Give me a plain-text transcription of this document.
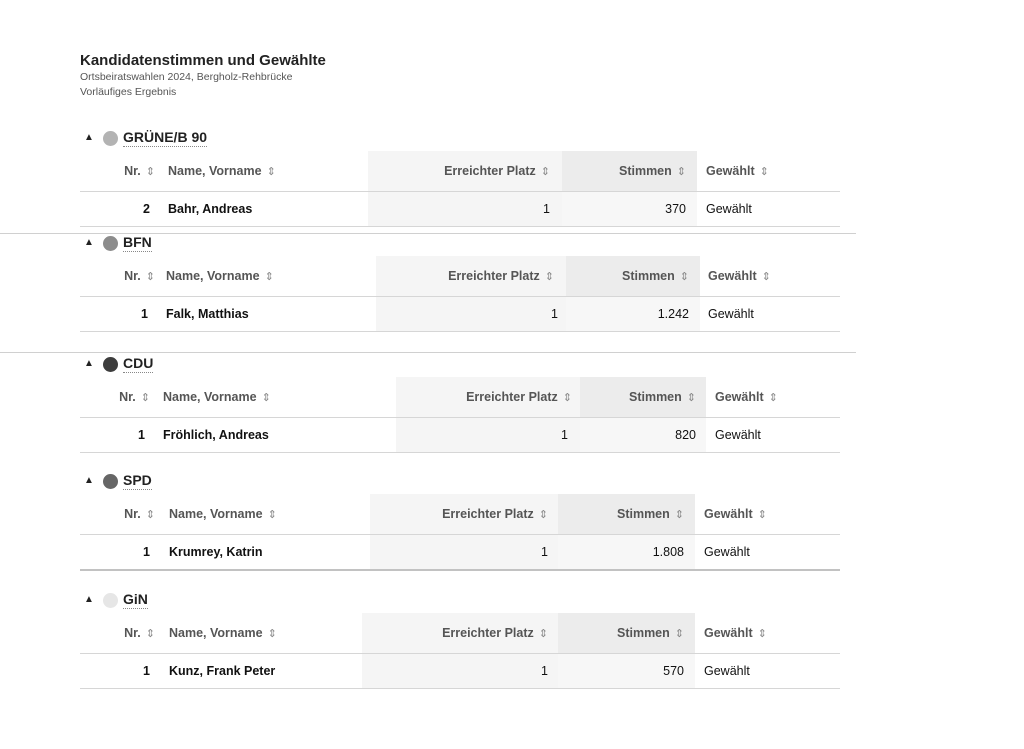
Kandidatenstimmen und Gewählte
Ortsbeiratswahlen 2024, Bergholz-Rehbrücke
Vorläufiges Ergebnis
▲ GRÜNE/B 90
Nr. ⇕ Name, Vorname ⇕	Erreichter Platz ⇕	Stimmen ⇕ Gewählt ⇕
2 Bahr, Andreas	1	370	Gewählt
▲ BFN
Nr. ⇕ Name, Vorname ⇕	Erreichter Platz ⇕	Stimmen ⇕ Gewählt ⇕
1 Falk, Matthias	1	1.242	Gewählt
▲ CDU
Nr. ⇕ Name, Vorname ⇕	Erreichter Platz ⇕	Stimmen ⇕ Gewählt ⇕
1 Fröhlich, Andreas	1	820	Gewählt
▲ SPD
Nr. ⇕ Name, Vorname ⇕	Erreichter Platz ⇕	Stimmen ⇕ Gewählt ⇕
1 Krumrey, Katrin	1	1.808	Gewählt
▲ GiN
Nr. ⇕ Name, Vorname ⇕	Erreichter Platz ⇕	Stimmen ⇕ Gewählt ⇕
1 Kunz, Frank Peter	1	570	Gewählt
